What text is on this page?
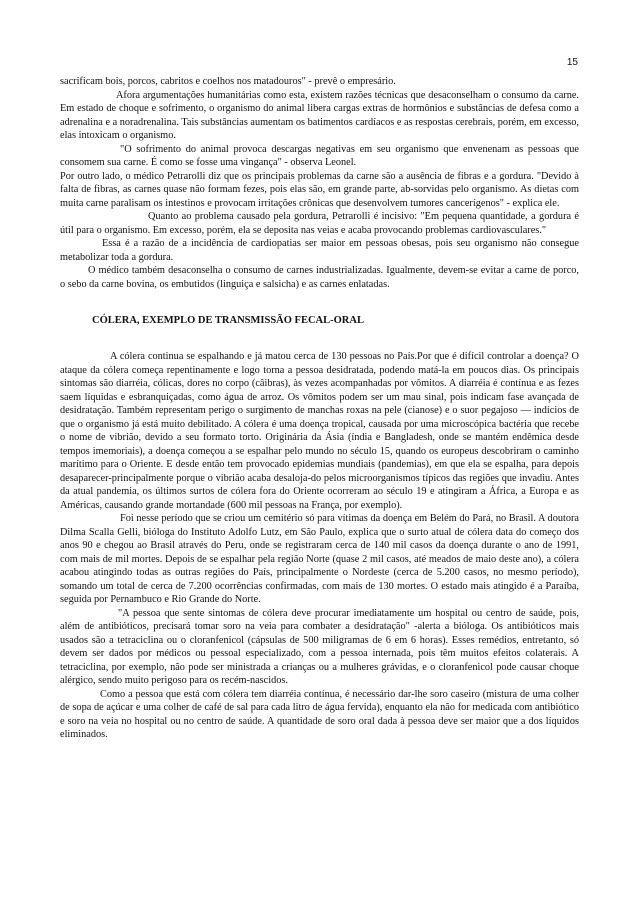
15

sacrificam bois, porcos, cabritos e coelhos nos matadouros" - prevê o empresário.

Afora argumentações humanitárias como esta, existem razões técnicas que desaconselham o consumo da carne. Em estado de choque e sofrimento, o organismo do animal libera cargas extras de hormônios e substâncias de defesa como a adrenalina e a noradrenalina. Tais substâncias aumentam os batimentos cardíacos e as respostas cerebrais, porém, em excesso, elas intoxicam o organismo.

"O sofrimento do animal provoca descargas negativas em seu organismo que envenenam as pessoas que consomem sua carne. É como se fosse uma vingança" - observa Leonel.

Por outro lado, o médico Petrarolli diz que os principais problemas da carne são a ausência de fibras e a gordura. "Devido à falta de fibras, as carnes quase não formam fezes, pois elas são, em grande parte, ab-sorvidas pelo organismo. As dietas com muita carne paralisam os intestinos e provocam irritações crônicas que desenvolvem tumores cancerígenos" - explica ele.

Quanto ao problema causado pela gordura, Petrarolli é incisivo: "Em pequena quantidade, a gordura é útil para o organismo. Em excesso, porém, ela se deposita nas veias e acaba provocando problemas cardiovasculares."

Essa é a razão de a incidência de cardiopatias ser maior em pessoas obesas, pois seu organismo não consegue metabolizar toda a gordura.

O médico também desaconselha o consumo de carnes industrializadas. Igualmente, devem-se evitar a carne de porco, o sebo da carne bovina, os embutidos (linguiça e salsicha) e as carnes enlatadas.

CÓLERA, EXEMPLO DE TRANSMISSÃO FECAL-ORAL

A cólera continua se espalhando e já matou cerca de 130 pessoas no País.Por que é difícil controlar a doença? O ataque da cólera começa repentinamente e logo torna a pessoa desidratada, podendo matá-la em poucos dias. Os principais sintomas são diarréia, cólicas, dores no corpo (câibras), às vezes acompanhadas por vômitos. A diarréia é contínua e as fezes saem líquidas e esbranquiçadas, como água de arroz. Os vômitos podem ser um mau sinal, pois indicam fase avançada de desidratação. Também representam perigo o surgimento de manchas roxas na pele (cianose) e o suor pegajoso — indícios de que o organismo já está muito debilitado. A cólera é uma doença tropical, causada por uma microscópica bactéria que recebe o nome de vibrião, devido a seu formato torto. Originária da Ásia (índia e Bangladesh, onde se mantém endêmica desde tempos imemoriais), a doença começou a se espalhar pelo mundo no século 15, quando os europeus descobriram o caminho marítimo para o Oriente. E desde então tem provocado epidemias mundiais (pandemias), em que ela se espalha, para depois desaparecer-principalmente porque o vibrião acaba desaloja-do pelos microorganismos típicos das regiões que invadiu. Antes da atual pandemia, os últimos surtos de cólera fora do Oriente ocorreram ao século 19 e atingiram a África, a Europa e as Américas, causando grande mortandade (600 mil pessoas na França, por exemplo).

Foi nesse período que se criou um cemitério só para vítimas da doença em Belém do Pará, no Brasil. A doutora Dilma Scalla Gelli, bióloga do Instituto Adolfo Lutz, em São Paulo, explica que o surto atual de cólera data do começo dos anos 90 e chegou ao Brasil através do Peru, onde se registraram cerca de 140 mil casos da doença durante o ano de 1991, com mais de mil mortes. Depois de se espalhar pela região Norte (quase 2 mil casos, até meados de maio deste ano), a cólera acabou atingindo todas as outras regiões do País, principalmente o Nordeste (cerca de 5.200 casos, no mesmo período), somando um total de cerca de 7.200 ocorrências confirmadas, com mais de 130 mortes. O estado mais atingido é a Paraíba, seguida por Pernambuco e Rio Grande do Norte.

"A pessoa que sente sintomas de cólera deve procurar imediatamente um hospital ou centro de saúde, pois, além de antibióticos, precisará tomar soro na veia para combater a desidratação" -alerta a bióloga. Os antibióticos mais usados são a tetraciclina ou o cloranfenicol (cápsulas de 500 miligramas de 6 em 6 horas). Esses remédios, entretanto, só devem ser dados por médicos ou pessoal especializado, com a pessoa internada, pois têm muitos efeitos colaterais. A tetraciclina, por exemplo, não pode ser ministrada a crianças ou a mulheres grávidas, e o cloranfenicol pode causar choque alérgico, sendo muito perigoso para os recém-nascidos.

Como a pessoa que está com cólera tem diarréia contínua, é necessário dar-lhe soro caseiro (mistura de uma colher de sopa de açúcar e uma colher de café de sal para cada litro de água fervida), enquanto ela não for medicada com antibiótico e soro na veia no hospital ou no centro de saúde. A quantidade de soro oral dada à pessoa deve ser maior que a dos líquidos eliminados.
